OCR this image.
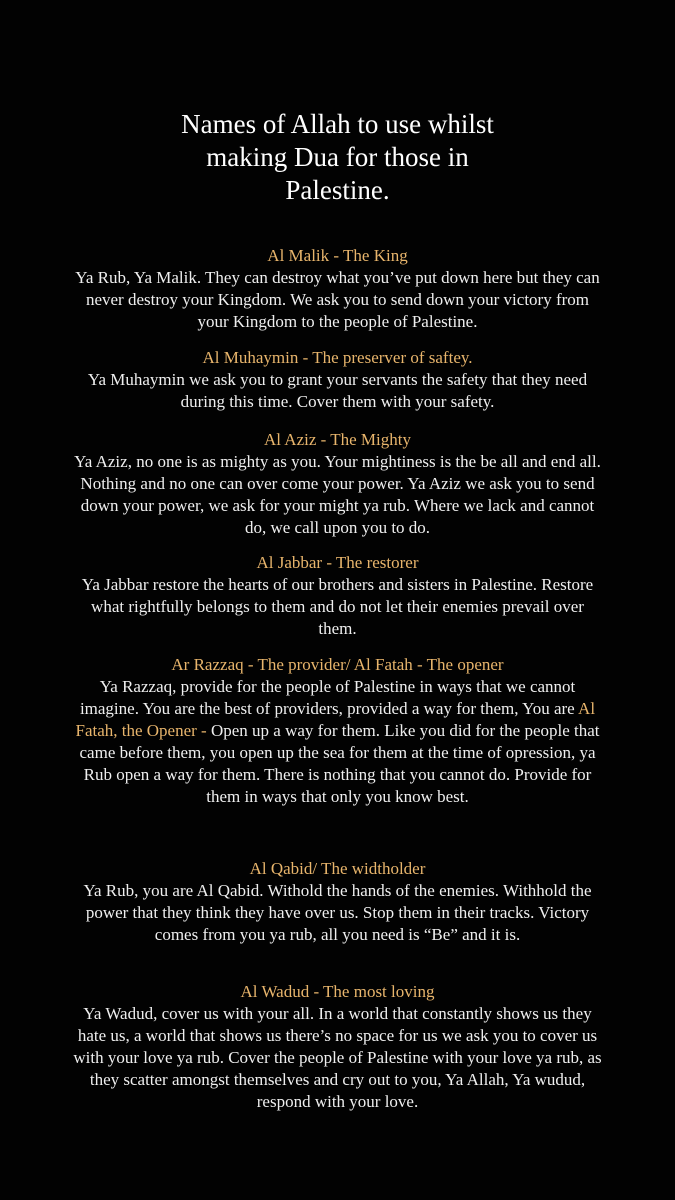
Names of Allah to use whilst
making Dua for those in
Palestine.
Al Malik - The King
Ya Rub, Ya Malik. They can destroy what you’ve put down here but they can never destroy your Kingdom. We ask you to send down your victory from your Kingdom to the people of Palestine.
Al Muhaymin - The preserver of saftey.
Ya Muhaymin we ask you to grant your servants the safety that they need during this time. Cover them with your safety.
Al Aziz - The Mighty
Ya Aziz, no one is as mighty as you. Your mightiness is the be all and end all. Nothing and no one can over come your power. Ya Aziz we ask you to send down your power, we ask for your might ya rub. Where we lack and cannot do, we call upon you to do.
Al Jabbar - The restorer
Ya Jabbar restore the hearts of our brothers and sisters in Palestine. Restore what rightfully belongs to them and do not let their enemies prevail over them.
Ar Razzaq - The provider/ Al Fatah - The opener
Ya Razzaq, provide for the people of Palestine in ways that we cannot imagine. You are the best of providers, provided a way for them, You are Al Fatah, the Opener - Open up a way for them. Like you did for the people that came before them, you open up the sea for them at the time of opression, ya Rub open a way for them. There is nothing that you cannot do. Provide for them in ways that only you know best.
Al Qabid/ The widtholder
Ya Rub, you are Al Qabid. Withold the hands of the enemies. Withhold the power that they think they have over us. Stop them in their tracks. Victory comes from you ya rub, all you need is “Be” and it is.
Al Wadud - The most loving
Ya Wadud, cover us with your all. In a world that constantly shows us they hate us, a world that shows us there’s no space for us we ask you to cover us with your love ya rub. Cover the people of Palestine with your love ya rub, as they scatter amongst themselves and cry out to you, Ya Allah, Ya wudud, respond with your love.
